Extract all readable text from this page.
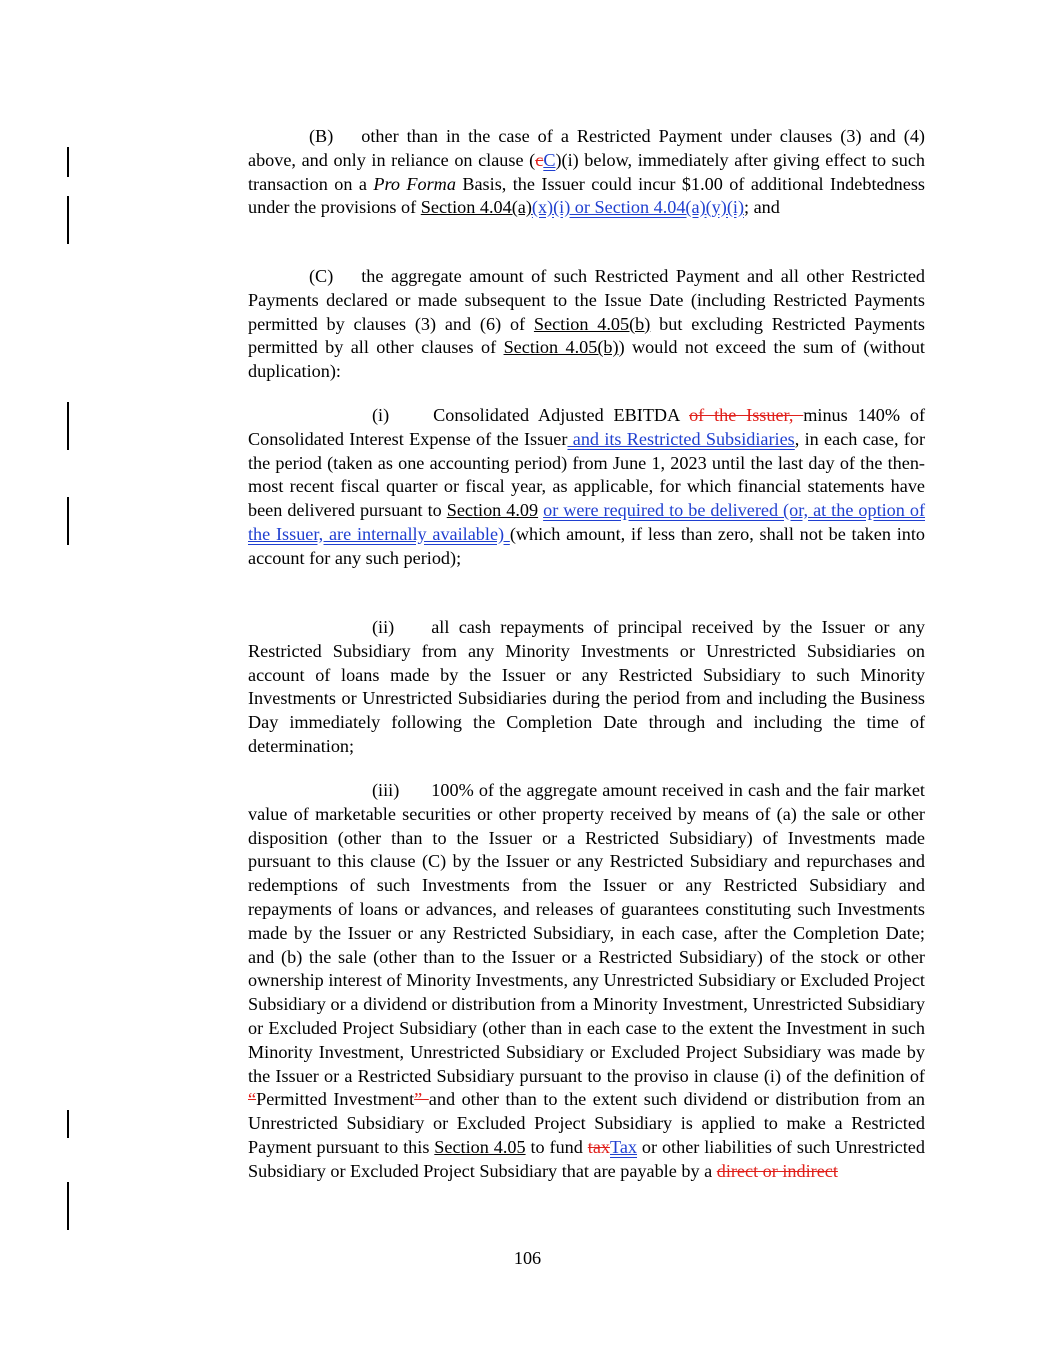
(B) other than in the case of a Restricted Payment under clauses (3) and (4) above, and only in reliance on clause (cC)(i) below, immediately after giving effect to such transaction on a Pro Forma Basis, the Issuer could incur $1.00 of additional Indebtedness under the provisions of Section 4.04(a)(x)(i) or Section 4.04(a)(y)(i); and
(C) the aggregate amount of such Restricted Payment and all other Restricted Payments declared or made subsequent to the Issue Date (including Restricted Payments permitted by clauses (3) and (6) of Section 4.05(b) but excluding Restricted Payments permitted by all other clauses of Section 4.05(b)) would not exceed the sum of (without duplication):
(i) Consolidated Adjusted EBITDA of the Issuer, minus 140% of Consolidated Interest Expense of the Issuer and its Restricted Subsidiaries, in each case, for the period (taken as one accounting period) from June 1, 2023 until the last day of the then-most recent fiscal quarter or fiscal year, as applicable, for which financial statements have been delivered pursuant to Section 4.09 or were required to be delivered (or, at the option of the Issuer, are internally available) (which amount, if less than zero, shall not be taken into account for any such period);
(ii) all cash repayments of principal received by the Issuer or any Restricted Subsidiary from any Minority Investments or Unrestricted Subsidiaries on account of loans made by the Issuer or any Restricted Subsidiary to such Minority Investments or Unrestricted Subsidiaries during the period from and including the Business Day immediately following the Completion Date through and including the time of determination;
(iii) 100% of the aggregate amount received in cash and the fair market value of marketable securities or other property received by means of (a) the sale or other disposition (other than to the Issuer or a Restricted Subsidiary) of Investments made pursuant to this clause (C) by the Issuer or any Restricted Subsidiary and repurchases and redemptions of such Investments from the Issuer or any Restricted Subsidiary and repayments of loans or advances, and releases of guarantees constituting such Investments made by the Issuer or any Restricted Subsidiary, in each case, after the Completion Date; and (b) the sale (other than to the Issuer or a Restricted Subsidiary) of the stock or other ownership interest of Minority Investments, any Unrestricted Subsidiary or Excluded Project Subsidiary or a dividend or distribution from a Minority Investment, Unrestricted Subsidiary or Excluded Project Subsidiary (other than in each case to the extent the Investment in such Minority Investment, Unrestricted Subsidiary or Excluded Project Subsidiary was made by the Issuer or a Restricted Subsidiary pursuant to the proviso in clause (i) of the definition of “Permitted Investment” and other than to the extent such dividend or distribution from an Unrestricted Subsidiary or Excluded Project Subsidiary is applied to make a Restricted Payment pursuant to this Section 4.05 to fund taxTax or other liabilities of such Unrestricted Subsidiary or Excluded Project Subsidiary that are payable by a direct or indirect
106
